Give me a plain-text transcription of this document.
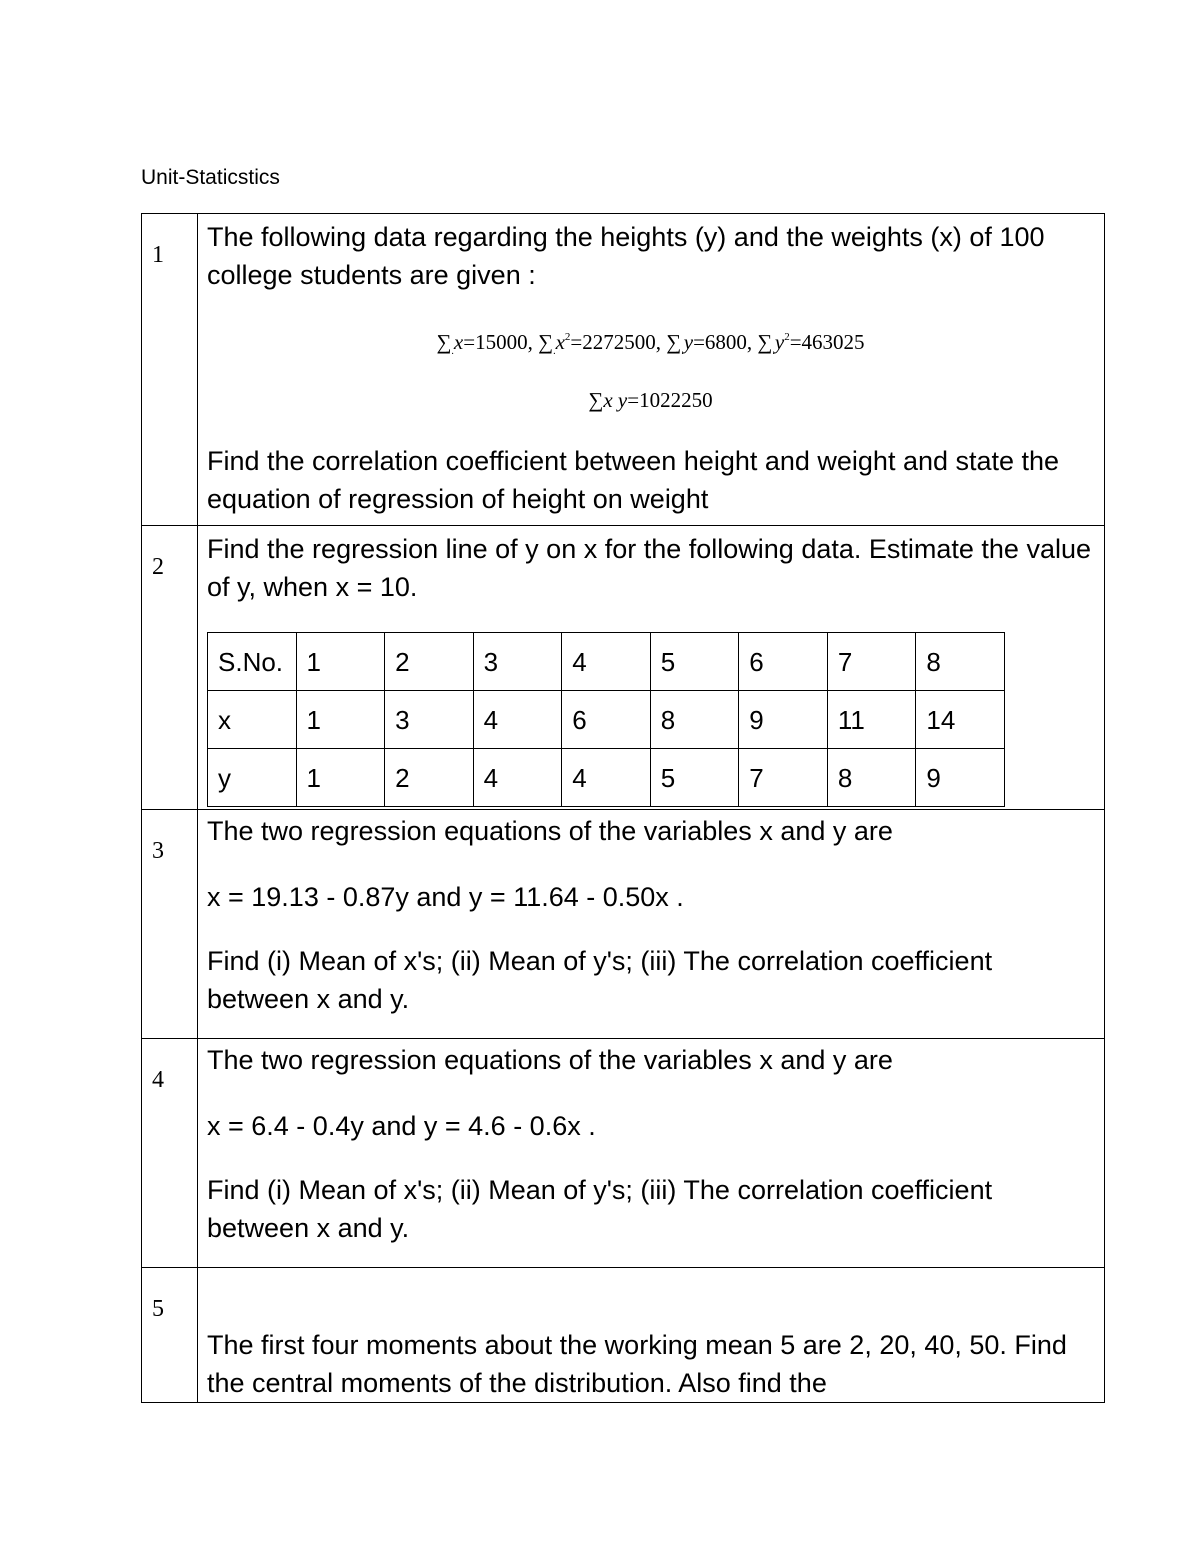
Unit-Staticstics
1

The following data regarding the heights (y) and the weights (x) of 100 college students are given :

$\sum_.x=15000$, $\sum_.x^2=2272500$, $\sum_.y=6800$, $\sum_.y^2=463025$
∑x y=1022250

Find the correlation coefficient between height and weight and state the equation of regression of height on weight

2

Find the regression line of y on x for the following data. Estimate the value of y, when x = 10.

S.No.	1	2	3	4	5	6	7	8
x	1	3	4	6	8	9	11	14
y	1	2	4	4	5	7	8	9

3

The two regression equations of the variables x and y are

x = 19.13 - 0.87y and y = 11.64 - 0.50x .

Find (i) Mean of x's; (ii) Mean of y's; (iii) The correlation coefficient between x and y.

4

The two regression equations of the variables x and y are

x = 6.4 - 0.4y and y = 4.6 - 0.6x .

Find (i) Mean of x's; (ii) Mean of y's; (iii) The correlation coefficient between x and y.

5

The first four moments about the working mean 5 are 2, 20, 40, 50. Find the central moments of the distribution. Also find the
